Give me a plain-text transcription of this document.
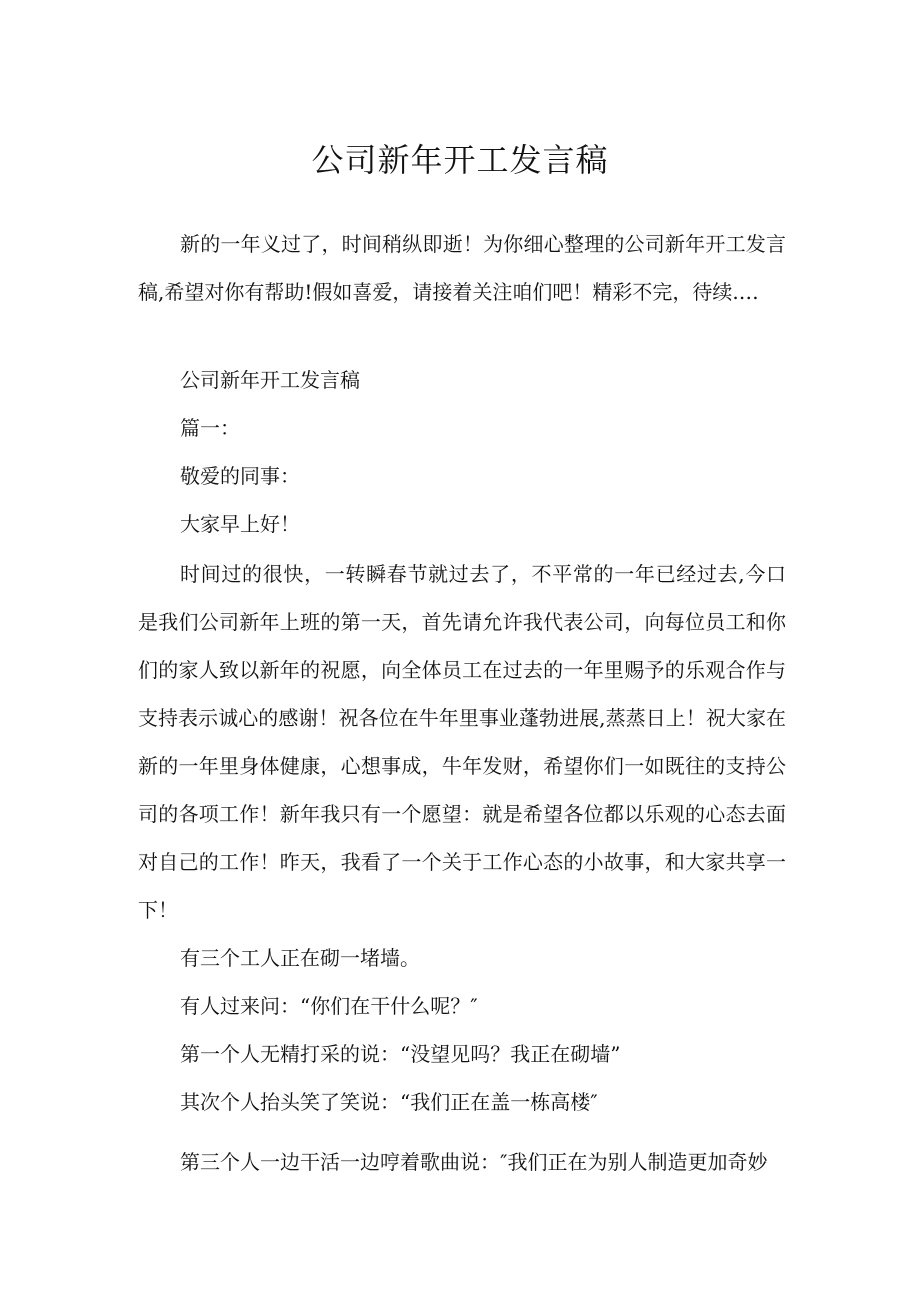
公司新年开工发言稿

新的一年义过了，时间稍纵即逝！为你细心整理的公司新年开工发言稿,希望对你有帮助!假如喜爱，请接着关注咱们吧！精彩不完，待续.…

公司新年开工发言稿

篇一：

敬爱的同事：

大家早上好！

时间过的很快，一转瞬春节就过去了，不平常的一年已经过去,今口是我们公司新年上班的第一天，首先请允许我代表公司，向每位员工和你们的家人致以新年的祝愿，向全体员工在过去的一年里赐予的乐观合作与支持表示诚心的感谢！祝各位在牛年里事业蓬勃进展,蒸蒸日上！祝大家在新的一年里身体健康，心想事成，牛年发财，希望你们一如既往的支持公司的各项工作！新年我只有一个愿望：就是希望各位都以乐观的心态去面对自己的工作！昨天，我看了一个关于工作心态的小故事，和大家共享一下！

有三个工人正在砌一堵墙。

有人过来问：“你们在干什么呢？″

第一个人无精打采的说：“没望见吗？我正在砌墙”

其次个人抬头笑了笑说：“我们正在盖一栋高楼″

第三个人一边干活一边哼着歌曲说：″我们正在为别人制造更加奇妙
